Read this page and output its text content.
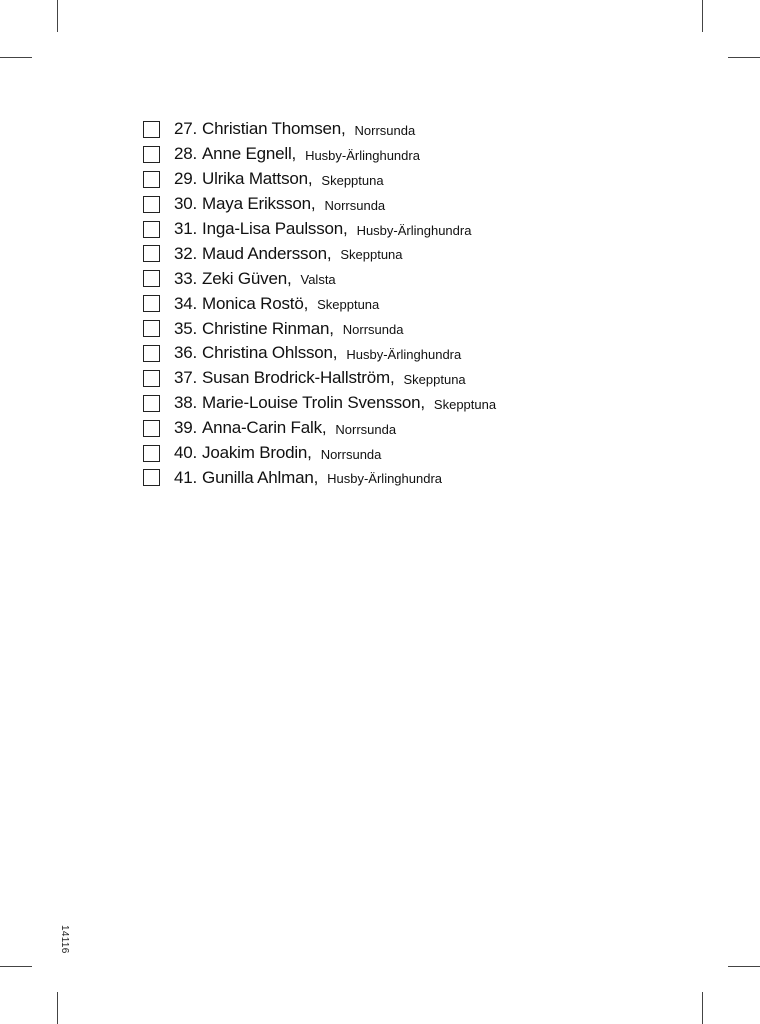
27. Christian Thomsen, Norrsunda
28. Anne Egnell, Husby-Ärlinghundra
29. Ulrika Mattson, Skepptuna
30. Maya Eriksson, Norrsunda
31. Inga-Lisa Paulsson, Husby-Ärlinghundra
32. Maud Andersson, Skepptuna
33. Zeki Güven, Valsta
34. Monica Rostö, Skepptuna
35. Christine Rinman, Norrsunda
36. Christina Ohlsson, Husby-Ärlinghundra
37. Susan Brodrick-Hallström, Skepptuna
38. Marie-Louise Trolin Svensson, Skepptuna
39. Anna-Carin Falk, Norrsunda
40. Joakim Brodin, Norrsunda
41. Gunilla Ahlman, Husby-Ärlinghundra
14116
